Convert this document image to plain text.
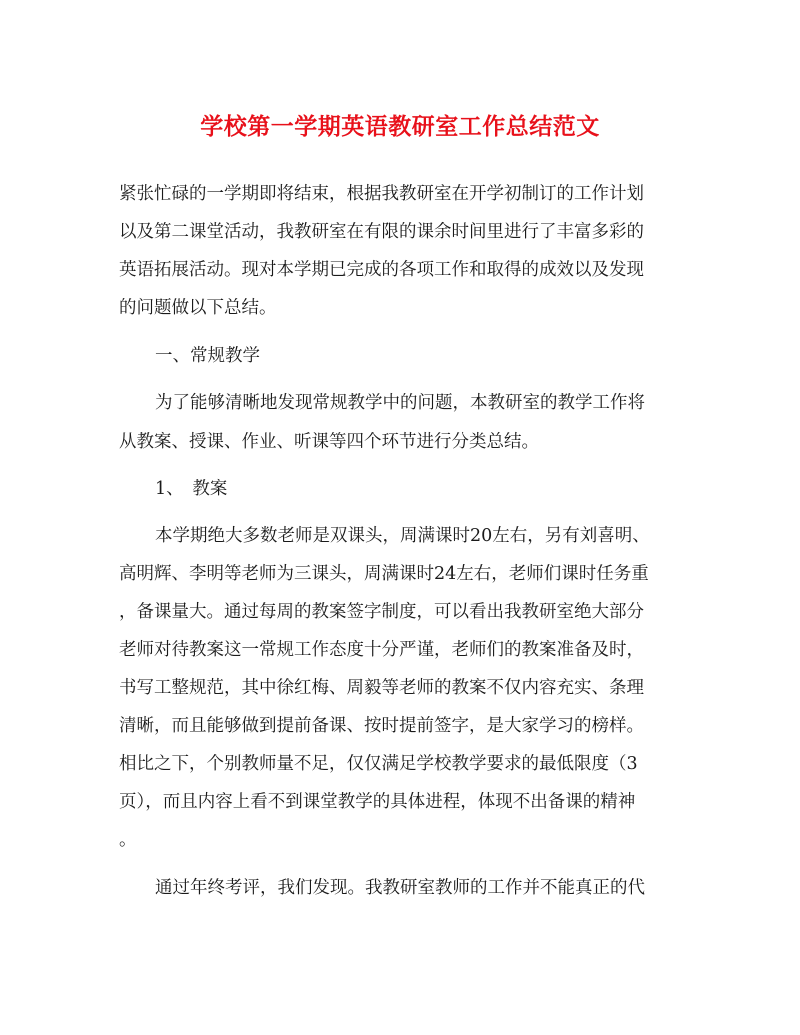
学校第一学期英语教研室工作总结范文
紧张忙碌的一学期即将结束，根据我教研室在开学初制订的工作计划
以及第二课堂活动，我教研室在有限的课余时间里进行了丰富多彩的
英语拓展活动。现对本学期已完成的各项工作和取得的成效以及发现
的问题做以下总结。
一、常规教学
为了能够清晰地发现常规教学中的问题，本教研室的教学工作将
从教案、授课、作业、听课等四个环节进行分类总结。
1、　教案
本学期绝大多数老师是双课头，周满课时20左右，另有刘喜明、
高明辉、李明等老师为三课头，周满课时24左右，老师们课时任务重
，备课量大。通过每周的教案签字制度，可以看出我教研室绝大部分
老师对待教案这一常规工作态度十分严谨，老师们的教案准备及时，
书写工整规范，其中徐红梅、周毅等老师的教案不仅内容充实、条理
清晰，而且能够做到提前备课、按时提前签字，是大家学习的榜样。
相比之下，个别教师量不足，仅仅满足学校教学要求的最低限度（3
页），而且内容上看不到课堂教学的具体进程，体现不出备课的精神
。
通过年终考评，我们发现。我教研室教师的工作并不能真正的代
